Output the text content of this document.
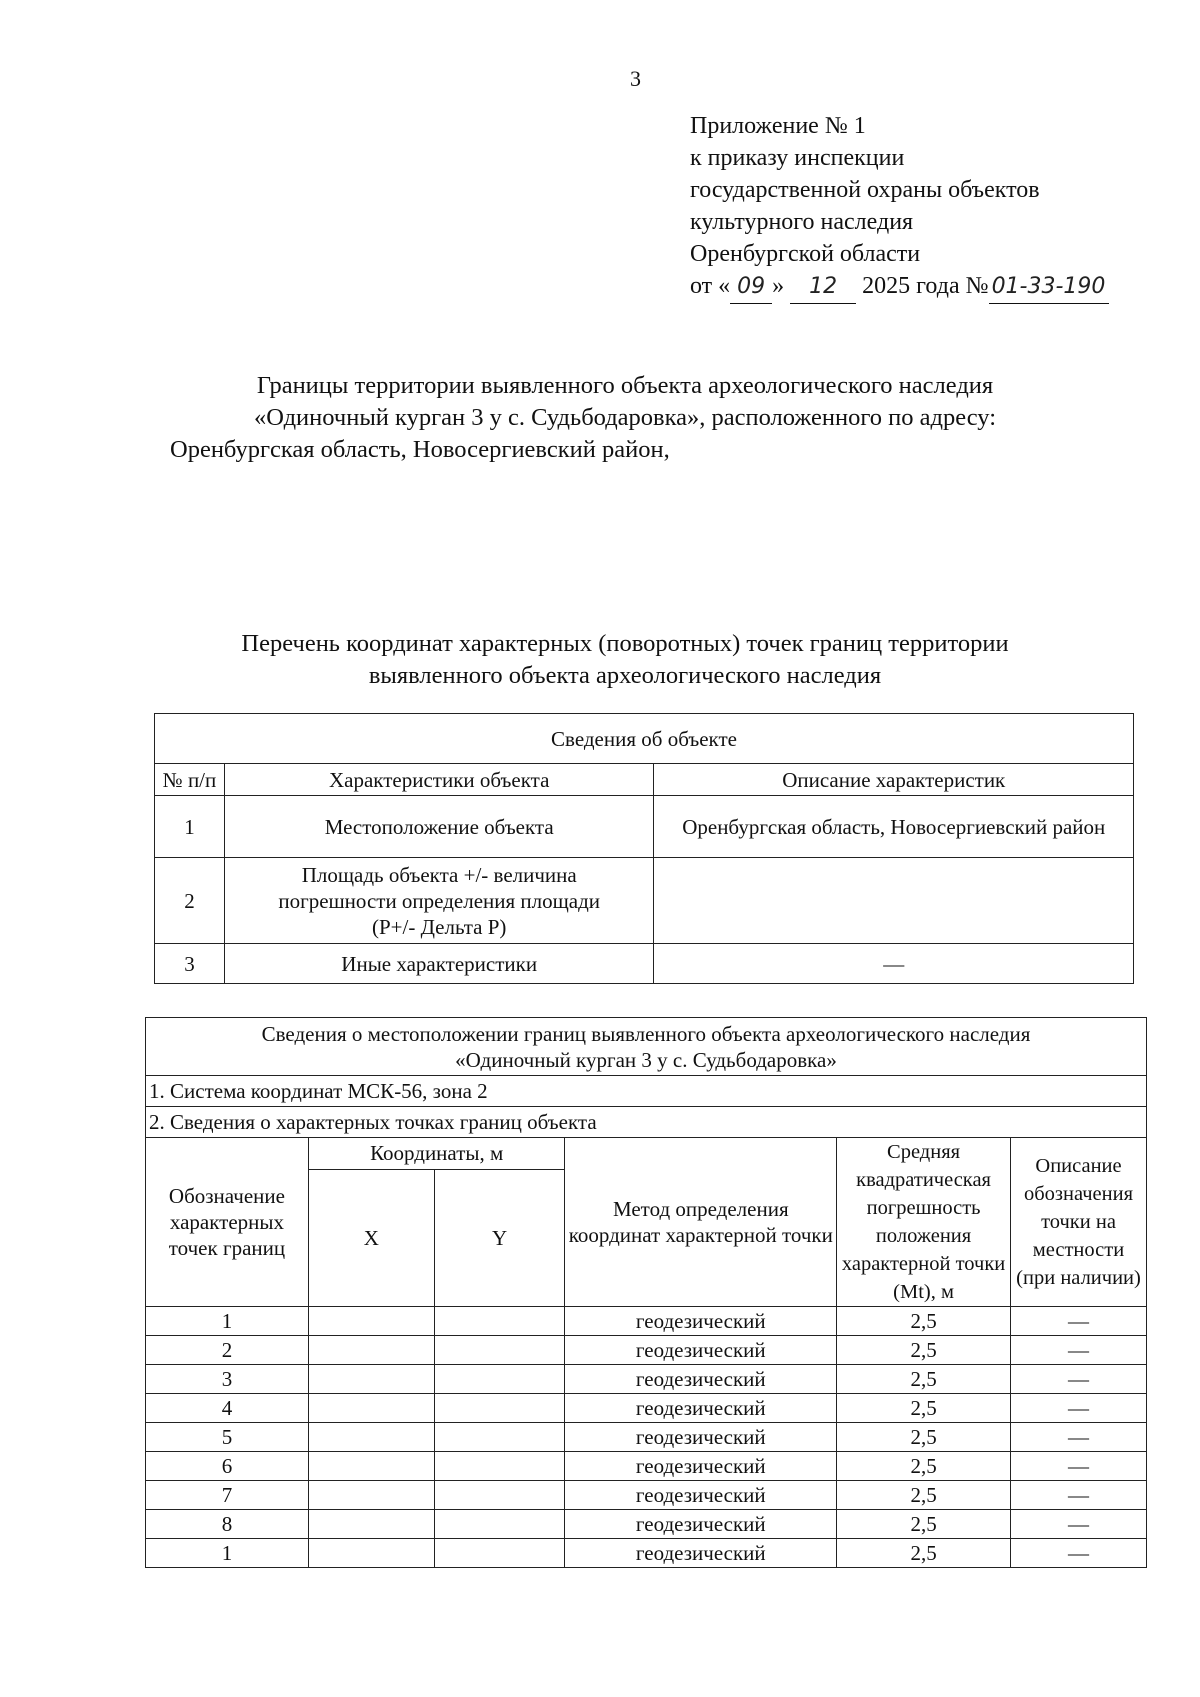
3
Приложение № 1
к приказу инспекции
государственной охраны объектов
культурного наследия
Оренбургской области
от « 09 » 12 2025 года № 01-33-190
Границы территории выявленного объекта археологического наследия
«Одиночный курган 3 у с. Судьбодаровка», расположенного по адресу:
Оренбургская область, Новосергиевский район,
Перечень координат характерных (поворотных) точек границ территории
выявленного объекта археологического наследия
Сведения об объекте		
№ п/п	Характеристики объекта	Описание характеристик
1	Местоположение объекта	Оренбургская область, Новосергиевский район
2	Площадь объекта +/- величина
погрешности определения площади
(Р+/- Дельта Р)	

3	Иные характеристики	—
Сведения о местоположении границ выявленного объекта археологического наследия
«Одиночный курган 3 у с. Судьбодаровка»					

1. Система координат МСК-56, зона 2					
2. Сведения о характерных точках границ объекта					
Обозначение характерных точек границ	Координаты, м		Метод определения координат характерной точки	Средняя квадратическая погрешность положения характерной точки (Mt), м	Описание обозначения точки на местности (при наличии)
	X	Y			
1			геодезический	2,5	—
2			геодезический	2,5	—
3			геодезический	2,5	—
4			геодезический	2,5	—
5			геодезический	2,5	—
6			геодезический	2,5	—
7			геодезический	2,5	—
8			геодезический	2,5	—
1			геодезический	2,5	—
